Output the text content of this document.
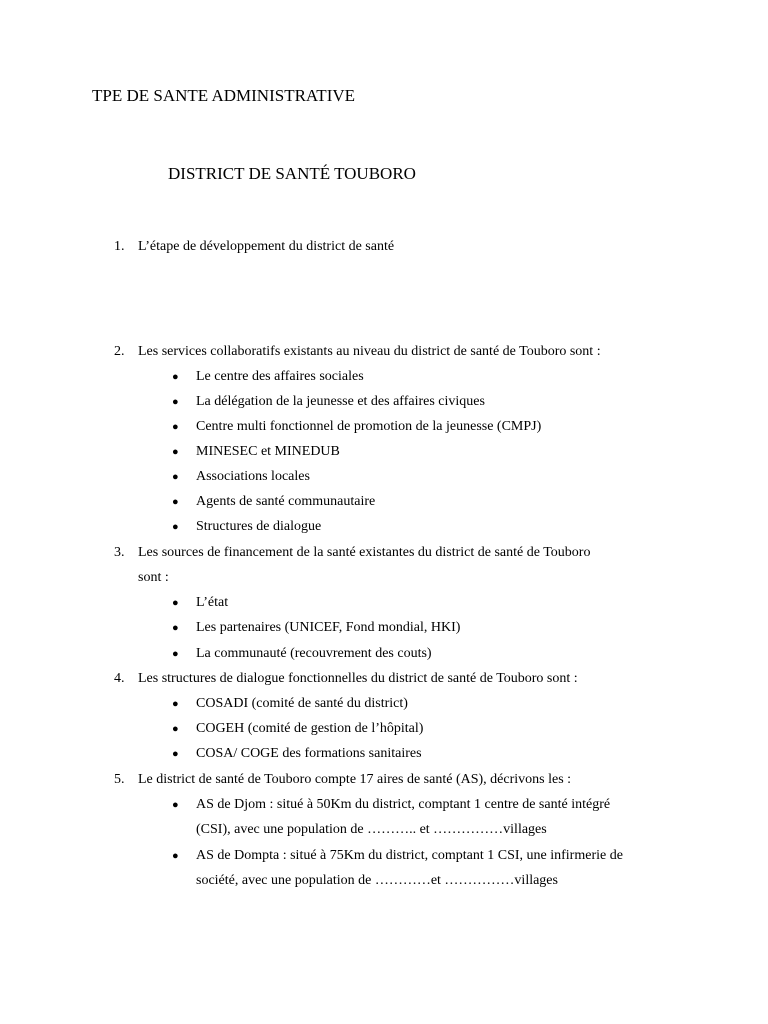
TPE DE SANTE ADMINISTRATIVE
DISTRICT DE SANTÉ TOUBORO
1. L’étape de développement du district de santé
2. Les services collaboratifs existants au niveau du district de santé de Touboro sont :
● Le centre des affaires sociales
● La délégation de la jeunesse et des affaires civiques
● Centre multi fonctionnel de promotion de la jeunesse (CMPJ)
● MINESEC et MINEDUB
● Associations locales
● Agents de santé communautaire
● Structures de dialogue
3. Les sources de financement de la santé existantes du district de santé de Touboro
sont :
● L’état
● Les partenaires (UNICEF, Fond mondial, HKI)
● La communauté (recouvrement des couts)
4. Les structures de dialogue fonctionnelles du district de santé de Touboro sont :
● COSADI (comité de santé du district)
● COGEH (comité de gestion de l’hôpital)
● COSA/ COGE des formations sanitaires
5. Le district de santé de Touboro compte 17 aires de santé (AS), décrivons les :
● AS de Djom : situé à 50Km du district, comptant 1 centre de santé intégré
(CSI), avec une population de ……….. et ……………villages
● AS de Dompta : situé à 75Km du district, comptant 1 CSI, une infirmerie de
société, avec une population de …………et ……………villages
